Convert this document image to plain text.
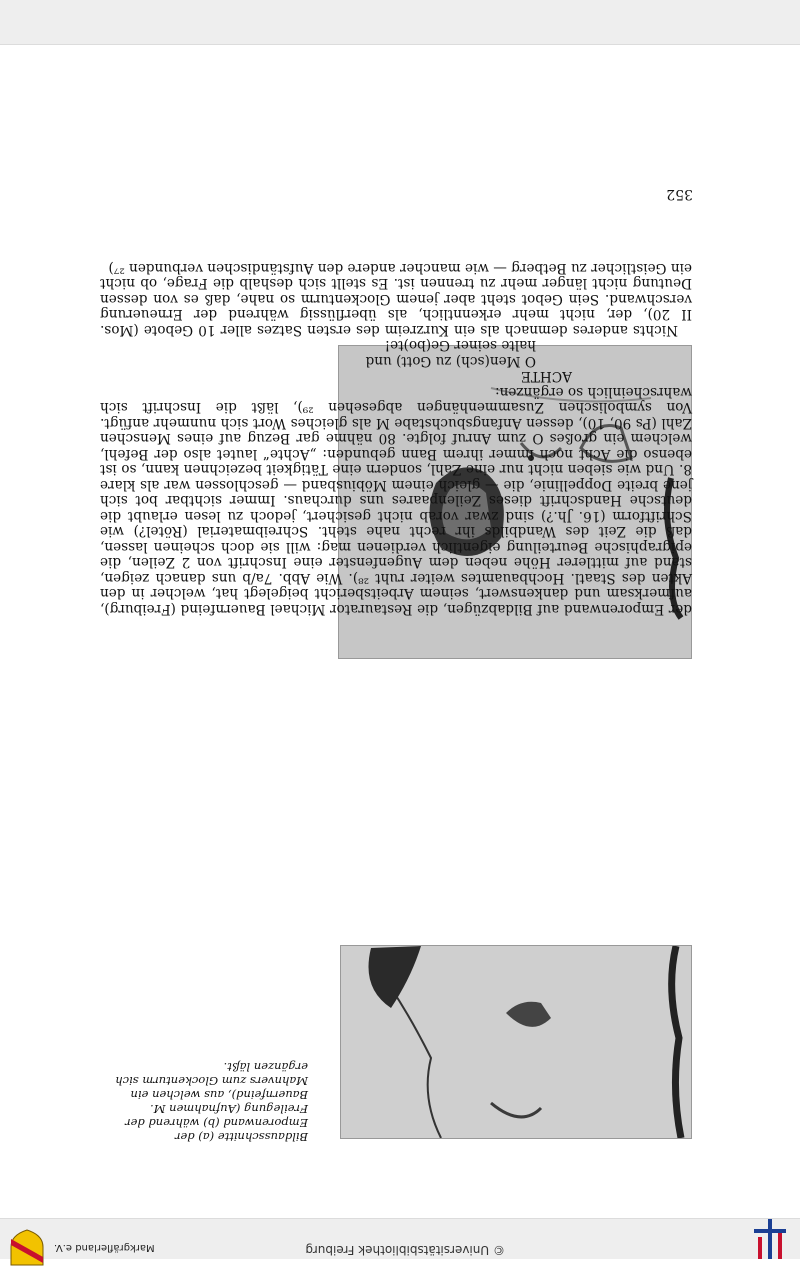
© Universitätsbibliothek Freiburg
Markgräflerland e.V.
Bildausschnitte (a) der Emporenwand (b) während der Freilegung (Aufnahmen M. Bauernfeind), aus welchen ein Mahnvers zum Glockenturm sich ergänzen läßt.

der Emporenwand auf Bildabzügen, die Restaurator Michael Bauernfeind (Freiburg), aufmerksam und dankenswert, seinem Arbeitsbericht beigelegt hat, welcher in den Akten des Staatl. Hochbauamtes weiter ruht ²⁸). Wie Abb. 7a/b uns danach zeigen, stand auf mittlerer Höhe neben dem Augenfenster eine Inschrift von 2 Zeilen, die epigraphische Beurteilung eigentlich verdienen mag: will sie doch scheinen lassen, daß die Zeit des Wandbilds ihr recht nahe steht. Schreibmaterial (Rötel?) wie Schriftform (16. Jh.?) sind zwar vorab nicht gesichert, jedoch zu lesen erlaubt die deutsche Handschrift dieses Zeilenpaares uns durchaus. Immer sichtbar bot sich jene breite Doppellinie, die — gleich einem Möbiusband — geschlossen war als klare 8. Und wie sieben nicht nur eine Zahl, sondern eine Tätigkeit bezeichnen kann, so ist ebenso die Acht noch immer ihrem Bann gebunden: „Achte“ lautet also der Befehl, welchem ein großes O zum Anruf folgte. 80 nähme gar Bezug auf eines Menschen Zahl (Ps 90, 10), dessen Anfangsbuchstabe M als gleiches Wort sich nunmehr anfügt. Von symbolischen Zusammenhängen abgesehen ²⁹), läßt die Inschrift sich wahrscheinlich so ergänzen:

ACHTE

O Men(sch) zu Gott) und

halte seiner Ge(bo)te!

Nichts anderes demnach als ein Kurzreim des ersten Satzes aller 10 Gebote (Mos. II 20), der, nicht mehr erkenntlich, als überflüssig während der Erneuerung verschwand. Sein Gebot steht aber jenem Glockenturm so nahe, daß es von dessen Deutung nicht länger mehr zu trennen ist. Es stellt sich deshalb die Frage, ob nicht ein Geistlicher zu Betberg — wie mancher andere den Aufständischen verbunden ²⁷)

352
